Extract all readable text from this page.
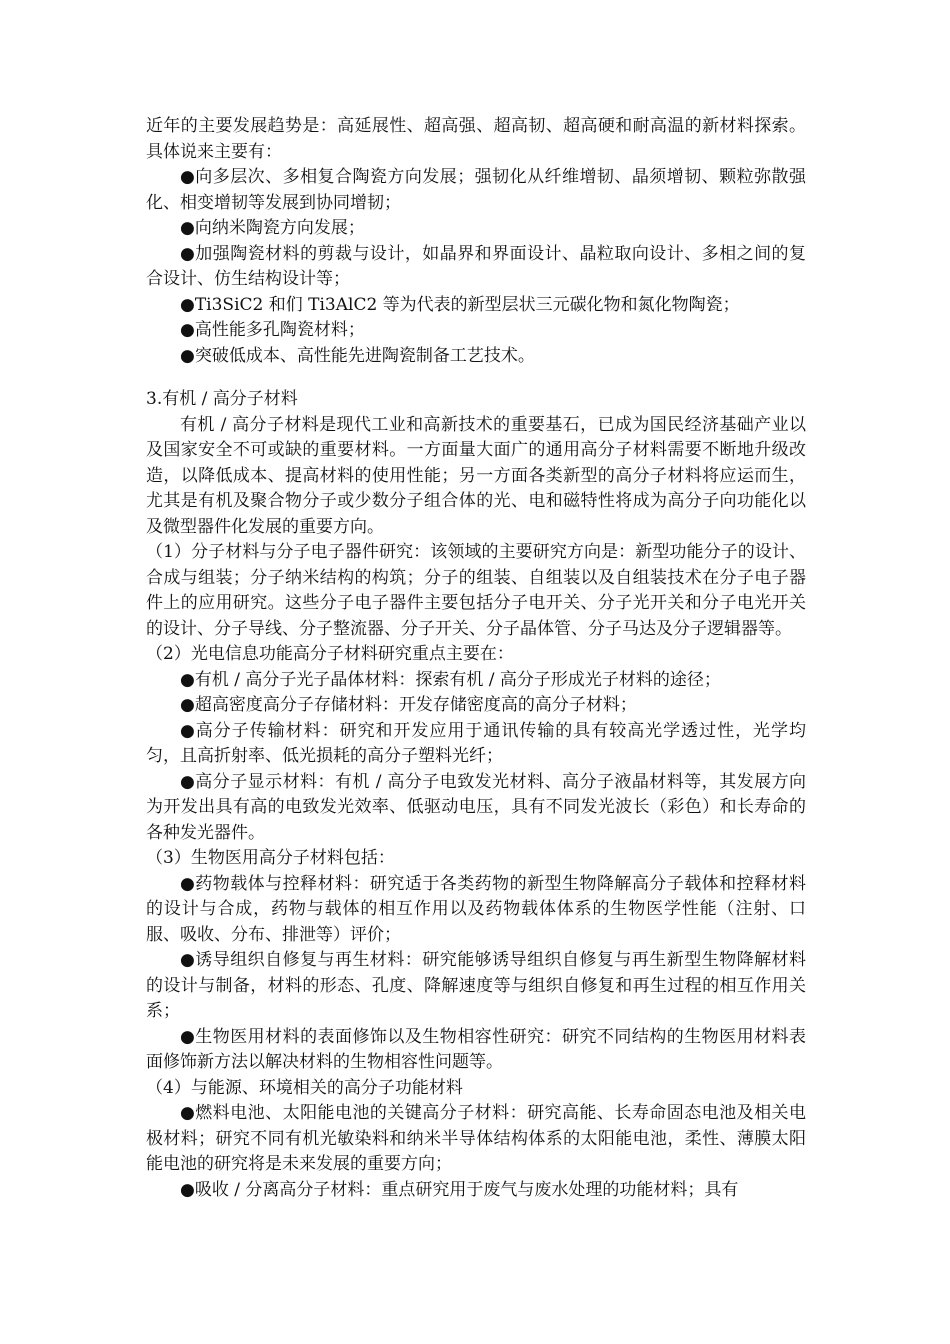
近年的主要发展趋势是：高延展性、超高强、超高韧、超高硬和耐高温的新材料探索。具体说来主要有：

●向多层次、多相复合陶瓷方向发展；强韧化从纤维增韧、晶须增韧、颗粒弥散强化、相变增韧等发展到协同增韧；

●向纳米陶瓷方向发展；

●加强陶瓷材料的剪裁与设计，如晶界和界面设计、晶粒取向设计、多相之间的复合设计、仿生结构设计等；

●Ti3SiC2 和们 Ti3AlC2 等为代表的新型层状三元碳化物和氮化物陶瓷；

●高性能多孔陶瓷材料；

●突破低成本、高性能先进陶瓷制备工艺技术。

3.有机 / 高分子材料

有机 / 高分子材料是现代工业和高新技术的重要基石，已成为国民经济基础产业以及国家安全不可或缺的重要材料。一方面量大面广的通用高分子材料需要不断地升级改造，以降低成本、提高材料的使用性能；另一方面各类新型的高分子材料将应运而生，尤其是有机及聚合物分子或少数分子组合体的光、电和磁特性将成为高分子向功能化以及微型器件化发展的重要方向。

（1）分子材料与分子电子器件研究：该领域的主要研究方向是：新型功能分子的设计、合成与组装；分子纳米结构的构筑；分子的组装、自组装以及自组装技术在分子电子器件上的应用研究。这些分子电子器件主要包括分子电开关、分子光开关和分子电光开关的设计、分子导线、分子整流器、分子开关、分子晶体管、分子马达及分子逻辑器等。

（2）光电信息功能高分子材料研究重点主要在：

●有机 / 高分子光子晶体材料：探索有机 / 高分子形成光子材料的途径；

●超高密度高分子存储材料：开发存储密度高的高分子材料；

●高分子传输材料：研究和开发应用于通讯传输的具有较高光学透过性，光学均匀，且高折射率、低光损耗的高分子塑料光纤；

●高分子显示材料：有机 / 高分子电致发光材料、高分子液晶材料等，其发展方向为开发出具有高的电致发光效率、低驱动电压，具有不同发光波长（彩色）和长寿命的各种发光器件。

（3）生物医用高分子材料包括：

●药物载体与控释材料：研究适于各类药物的新型生物降解高分子载体和控释材料的设计与合成，药物与载体的相互作用以及药物载体体系的生物医学性能（注射、口服、吸收、分布、排泄等）评价；

●诱导组织自修复与再生材料：研究能够诱导组织自修复与再生新型生物降解材料的设计与制备，材料的形态、孔度、降解速度等与组织自修复和再生过程的相互作用关系；

●生物医用材料的表面修饰以及生物相容性研究：研究不同结构的生物医用材料表面修饰新方法以解决材料的生物相容性问题等。

（4）与能源、环境相关的高分子功能材料

●燃料电池、太阳能电池的关键高分子材料：研究高能、长寿命固态电池及相关电极材料；研究不同有机光敏染料和纳米半导体结构体系的太阳能电池，柔性、薄膜太阳能电池的研究将是未来发展的重要方向；

●吸收 / 分离高分子材料：重点研究用于废气与废水处理的功能材料；具有
